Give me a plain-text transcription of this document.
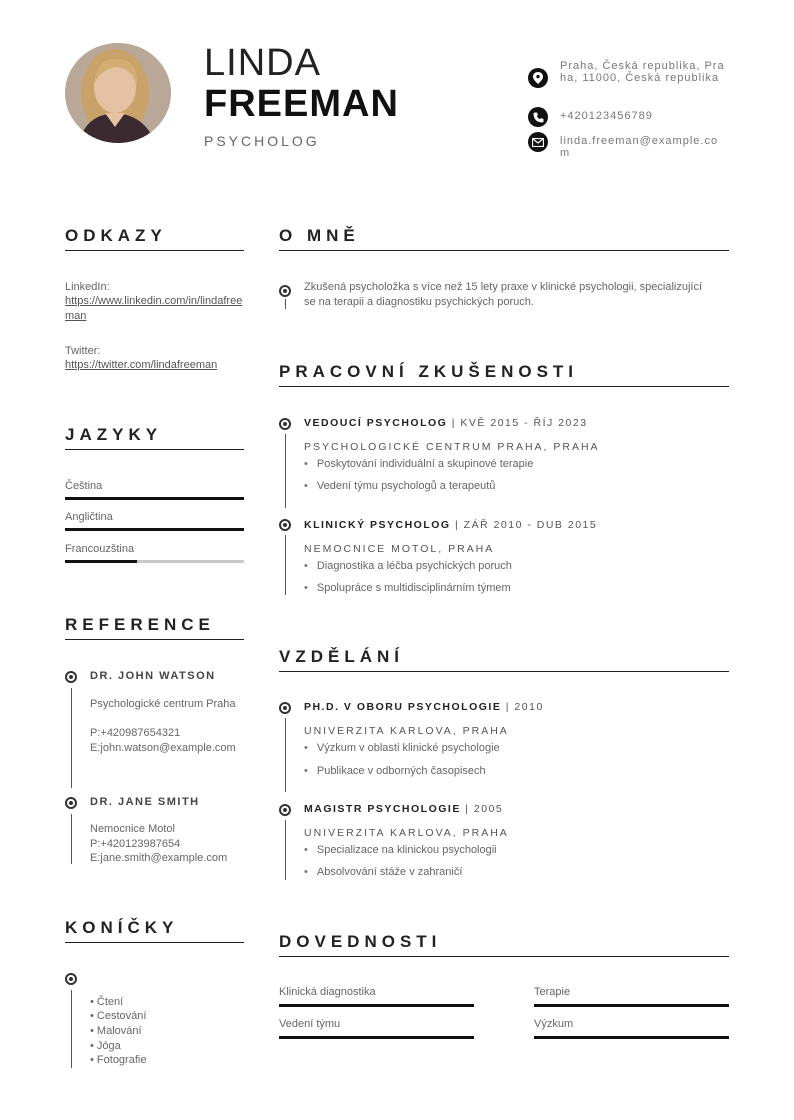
LINDA
FREEMAN
PSYCHOLOG
Praha, Česká republika, Praha, 11000, Česká republika
+420123456789
linda.freeman@example.com
ODKAZY
LinkedIn:
https://www.linkedin.com/in/lindafreeman
Twitter:
https://twitter.com/lindafreeman
JAZYKY
Čeština
Angličtina
Francouzština
REFERENCE
DR. JOHN WATSON
Psychologické centrum Praha
P:+420987654321
E:john.watson@example.com
DR. JANE SMITH
Nemocnice Motol
P:+420123987654
E:jane.smith@example.com
KONÍČKY
• Čtení
• Cestování
• Malování
• Jóga
• Fotografie
O MNĚ
Zkušená psycholožka s více než 15 lety praxe v klinické psychologii, specializující se na terapii a diagnostiku psychických poruch.
PRACOVNÍ ZKUŠENOSTI
VEDOUCÍ PSYCHOLOG | KVĚ 2015 - ŘÍJ 2023
PSYCHOLOGICKÉ CENTRUM PRAHA, PRAHA
• Poskytování individuální a skupinové terapie
• Vedení týmu psychologů a terapeutů
KLINICKÝ PSYCHOLOG | ZÁŘ 2010 - DUB 2015
NEMOCNICE MOTOL, PRAHA
• Diagnostika a léčba psychických poruch
• Spolupráce s multidisciplinárním týmem
VZDĚLÁNÍ
PH.D. V OBORU PSYCHOLOGIE | 2010
UNIVERZITA KARLOVA, PRAHA
• Výzkum v oblasti klinické psychologie
• Publikace v odborných časopisech
MAGISTR PSYCHOLOGIE | 2005
UNIVERZITA KARLOVA, PRAHA
• Specializace na klinickou psychologii
• Absolvování stáže v zahraničí
DOVEDNOSTI
Klinická diagnostika	Terapie
Vedení týmu	Výzkum
